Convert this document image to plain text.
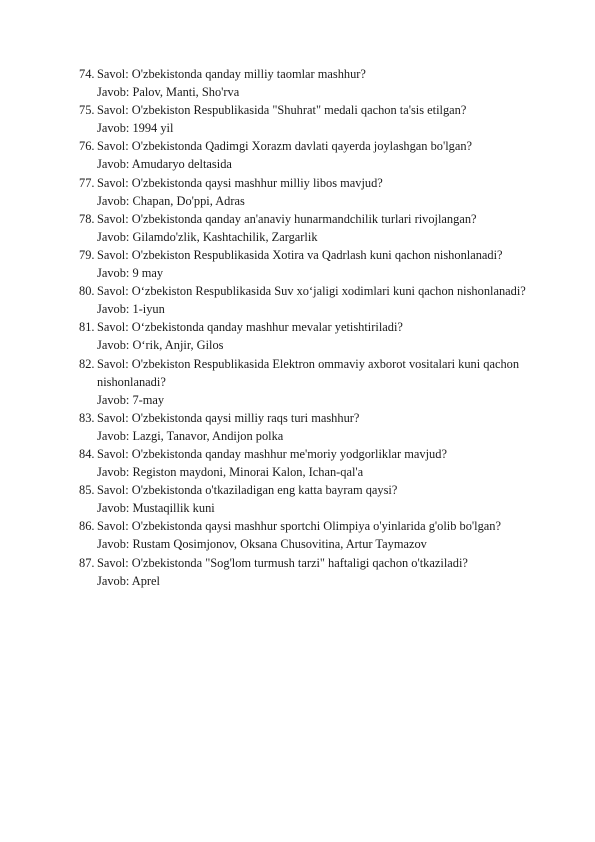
74. Savol: O'zbekistonda qanday milliy taomlar mashhur?
Javob: Palov, Manti, Sho'rva
75. Savol: O'zbekiston Respublikasida "Shuhrat" medali qachon ta'sis etilgan?
Javob: 1994 yil
76. Savol: O'zbekistonda Qadimgi Xorazm davlati qayerda joylashgan bo'lgan?
Javob: Amudaryo deltasida
77. Savol: O'zbekistonda qaysi mashhur milliy libos mavjud?
Javob: Chapan, Do'ppi, Adras
78. Savol: O'zbekistonda qanday an'anaviy hunarmandchilik turlari rivojlangan?
Javob: Gilamdo'zlik, Kashtachilik, Zargarlik
79. Savol: O'zbekiston Respublikasida Xotira va Qadrlash kuni qachon nishonlanadi?
Javob: 9 may
80. Savol: O‘zbekiston Respublikasida Suv xo‘jaligi xodimlari kuni qachon nishonlanadi?
Javob: 1-iyun
81. Savol: O‘zbekistonda qanday mashhur mevalar yetishtiriladi?
Javob: O‘rik, Anjir, Gilos
82. Savol: O'zbekiston Respublikasida Elektron ommaviy axborot vositalari kuni qachon nishonlanadi?
Javob: 7-may
83. Savol: O'zbekistonda qaysi milliy raqs turi mashhur?
Javob: Lazgi, Tanavor, Andijon polka
84. Savol: O'zbekistonda qanday mashhur me'moriy yodgorliklar mavjud?
Javob: Registon maydoni, Minorai Kalon, Ichan-qal'a
85. Savol: O'zbekistonda o'tkaziladigan eng katta bayram qaysi?
Javob: Mustaqillik kuni
86. Savol: O'zbekistonda qaysi mashhur sportchi Olimpiya o'yinlarida g'olib bo'lgan?
Javob: Rustam Qosimjonov, Oksana Chusovitina, Artur Taymazov
87. Savol: O'zbekistonda "Sog'lom turmush tarzi" haftaligi qachon o'tkaziladi?
Javob: Aprel
